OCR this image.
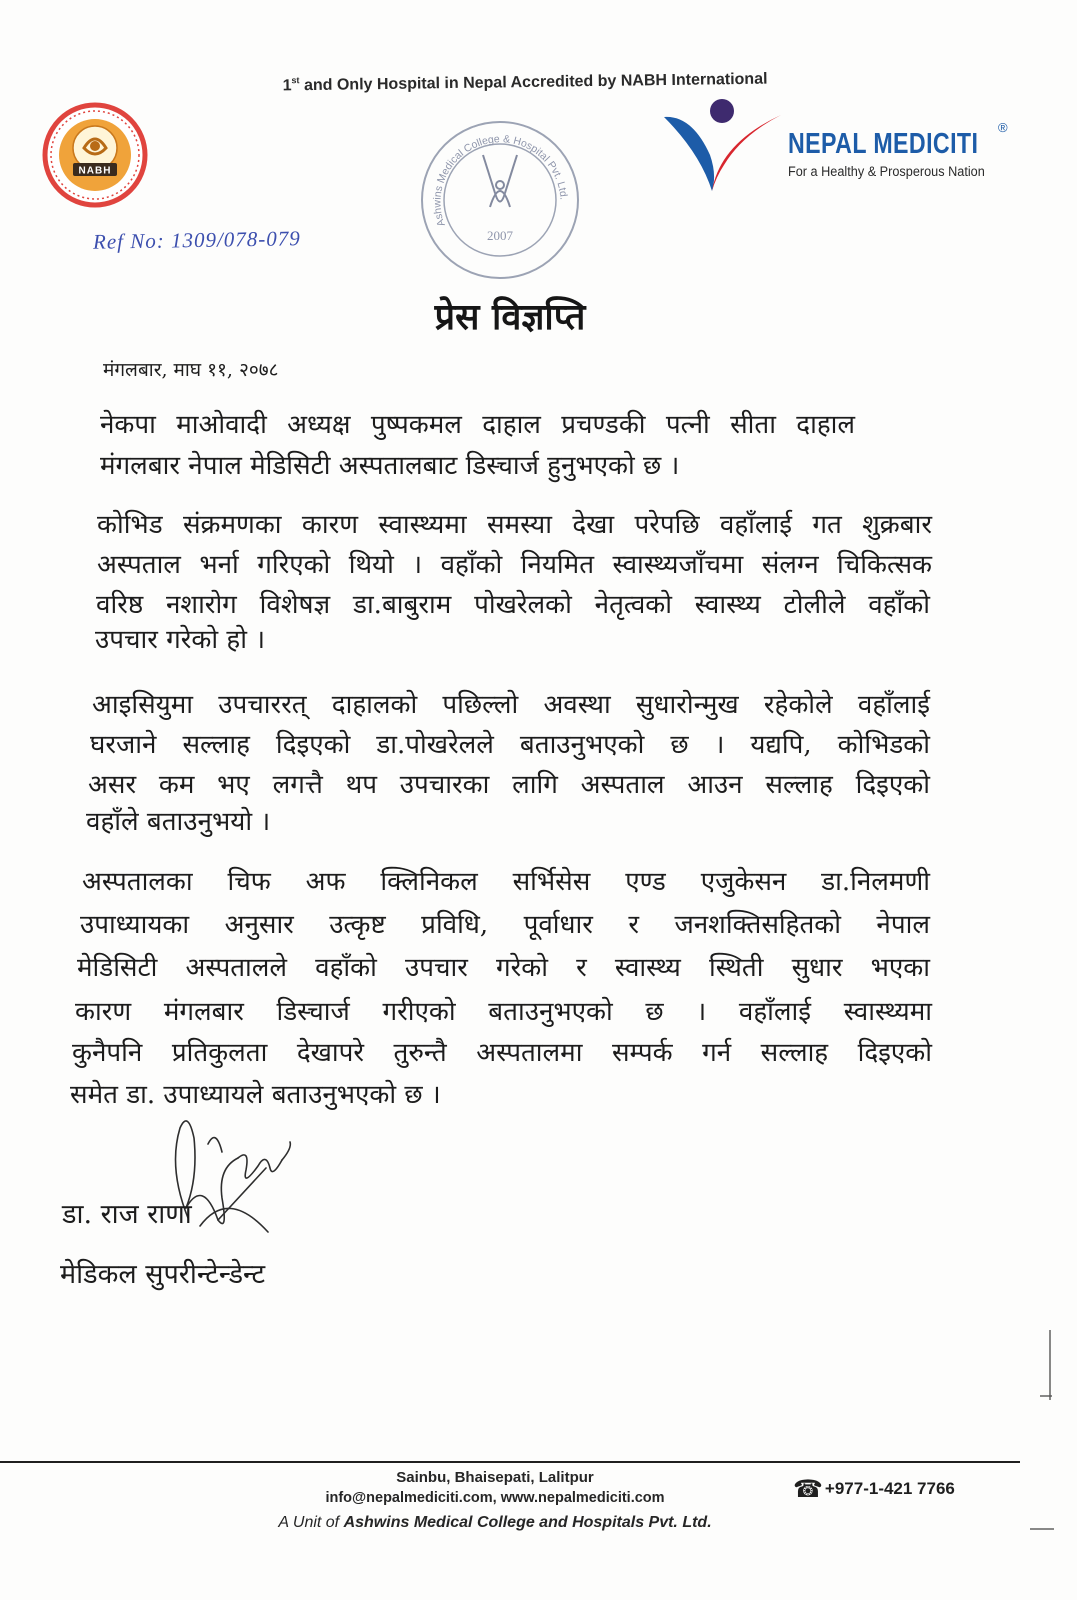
1st and Only Hospital in Nepal Accredited by NABH International
NABH
Ashwins Medical College & Hospital Pvt. Ltd.
2007
NEPAL MEDICITI
®
For a Healthy & Prosperous Nation
Ref No: 1309/078-079
प्रेस विज्ञप्ति
मंगलबार, माघ ११, २०७८
नेकपा माओवादी अध्यक्ष पुष्पकमल दाहाल प्रचण्डकी पत्नी सीता दाहाल
मंगलबार नेपाल मेडिसिटी अस्पतालबाट डिस्चार्ज हुनुभएको छ ।
कोभिड संक्रमणका कारण स्वास्थ्यमा समस्या देखा परेपछि वहाँलाई गत शुक्रबार
अस्पताल भर्ना गरिएको थियो । वहाँको नियमित स्वास्थ्यजाँचमा संलग्न चिकित्सक
वरिष्ठ नशारोग विशेषज्ञ डा.बाबुराम पोखरेलको नेतृत्वको स्वास्थ्य टोलीले वहाँको
उपचार गरेको हो ।
आइसियुमा उपचाररत् दाहालको पछिल्लो अवस्था सुधारोन्मुख रहेकोले वहाँलाई
घरजाने सल्लाह दिइएको डा.पोखरेलले बताउनुभएको छ । यद्यपि, कोभिडको
असर कम भए लगत्तै थप उपचारका लागि अस्पताल आउन सल्लाह दिइएको
वहाँले बताउनुभयो ।
अस्पतालका चिफ अफ क्लिनिकल सर्भिसेस एण्ड एजुकेसन डा.निलमणी
उपाध्यायका अनुसार उत्कृष्ट प्रविधि, पूर्वाधार र जनशक्तिसहितको नेपाल
मेडिसिटी अस्पतालले वहाँको उपचार गरेको र स्वास्थ्य स्थिती सुधार भएका
कारण मंगलबार डिस्चार्ज गरीएको बताउनुभएको छ । वहाँलाई स्वास्थ्यमा
कुनैपनि प्रतिकुलता देखापरे तुरुन्तै अस्पतालमा सम्पर्क गर्न सल्लाह दिइएको
समेत डा. उपाध्यायले बताउनुभएको छ ।
डा. राज राणा
मेडिकल सुपरीन्टेन्डेन्ट
Sainbu, Bhaisepati, Lalitpur
info@nepalmediciti.com, www.nepalmediciti.com
A Unit of Ashwins Medical College and Hospitals Pvt. Ltd.
☎ +977-1-421 7766
